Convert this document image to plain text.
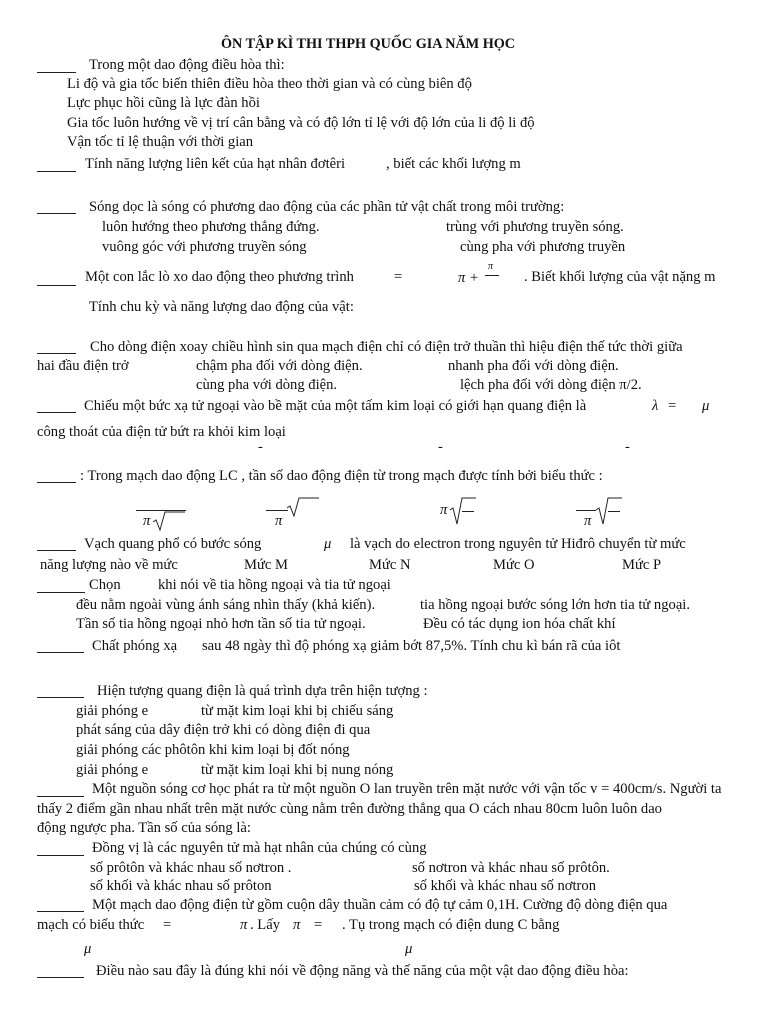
ÔN TẬP KÌ THI THPH QUỐC GIA NĂM HỌC
Trong một dao động điều hòa thì:
Li độ và gia tốc biến thiên điều hòa theo thời gian và có cùng biên độ
Lực phục hồi cũng là lực đàn hồi
Gia tốc luôn hướng về vị trí cân bằng và có độ lớn tỉ lệ với độ lớn của li độ li độ
Vận tốc tỉ lệ thuận với thời gian
Tính năng lượng liên kết của hạt nhân đơtêri	, biết các khối lượng m
Sóng dọc là sóng có phương dao động của các phần tử vật chất trong môi trường:
luôn hướng theo phương thẳng đứng.	trùng với phương truyền sóng.
vuông góc với phương truyền sóng	cùng pha với phương truyền
Một con lắc lò xo dao động theo phương trình	=	π +
π
. Biết khối lượng của vật nặng m
Tính chu kỳ và năng lượng dao động của vật:
Cho dòng điện xoay chiều hình sin qua mạch điện chỉ có điện trở thuần thì hiệu điện thế tức thời giữa
hai đầu điện trở	chậm pha đối với dòng điện.	nhanh pha đối với dòng điện.
cùng pha với dòng điện.	lệch pha đối với dòng điện π/2.
Chiếu một bức xạ tử ngoại vào bề mặt của một tấm kim loại có giới hạn quang điện là	λ = μ
công thoát của điện tử bứt ra khỏi kim loại
-	-	-
: Trong mạch dao động LC , tần số dao động điện từ trong mạch được tính bởi biểu thức :
π	π
π
π
Vạch quang phổ có bước sóng	μ là vạch do electron trong nguyên tử Hiđrô chuyển từ mức
năng lượng nào về mức	Mức M	Mức N	Mức O	Mức P
Chọn	khi nói về tia hồng ngoại và tia tử ngoại
đều nằm ngoài vùng ánh sáng nhìn thấy (khả kiến).	tia hồng ngoại bước sóng lớn hơn tia tử ngoại.
Tần số tia hồng ngoại nhỏ hơn tần số tia tử ngoại.	Đều có tác dụng ion hóa chất khí
Chất phóng xạ sau 48 ngày thì độ phóng xạ giảm bớt 87,5%. Tính chu kì bán rã của iôt
Hiện tượng quang điện là quá trình dựa trên hiện tượng :
giải phóng e	từ mặt kim loại khi bị chiếu sáng
phát sáng của dây điện trở khi có dòng điện đi qua
giải phóng các phôtôn khi kim loại bị đốt nóng
giải phóng e	từ mặt kim loại khi bị nung nóng
Một nguồn sóng cơ học phát ra từ một nguồn O lan truyền trên mặt nước với vận tốc v = 400cm/s. Người ta
thấy 2 điểm gần nhau nhất trên mặt nước cùng nằm trên đường thẳng qua O cách nhau 80cm luôn luôn dao
động ngược pha. Tần số của sóng là:
Đồng vị là các nguyên tử mà hạt nhân của chúng có cùng
số prôtôn và khác nhau số nơtron .	số nơtron và khác nhau số prôtôn.
số khối và khác nhau số prôton	số khối và khác nhau số nơtron
Một mạch dao động điện từ gồm cuộn dây thuần cảm có độ tự cảm 0,1H. Cường độ dòng điện qua
mạch có biểu thức =	π . Lấy π = . Tụ trong mạch có điện dung C bằng
μ	μ
Điều nào sau đây là đúng khi nói về động năng và thế năng của một vật dao động điều hòa:
